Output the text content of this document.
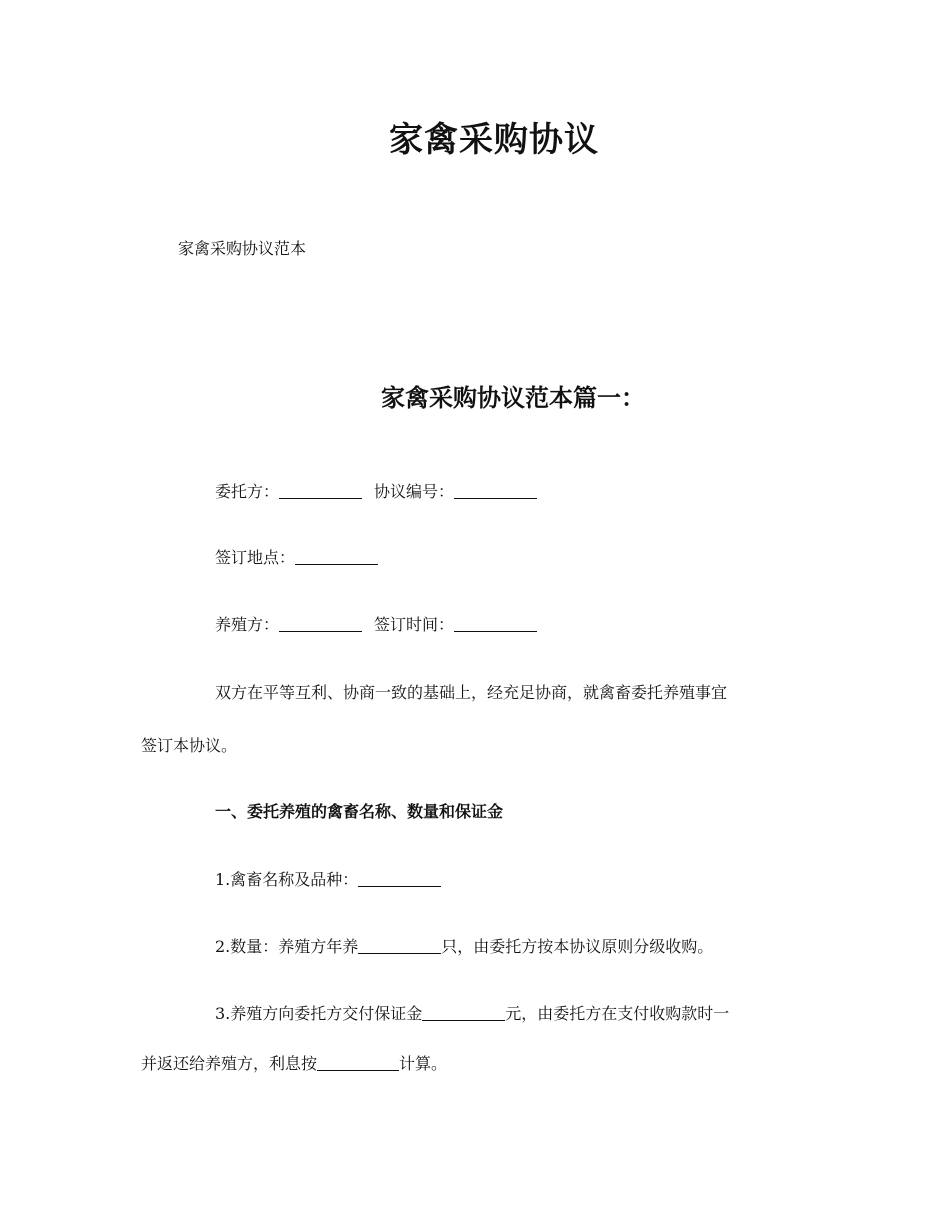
家禽采购协议

家禽采购协议范本

家禽采购协议范本篇一：

委托方：	协议编号：

签订地点：

养殖方：	签订时间：

双方在平等互利、协商一致的基础上，经充足协商，就禽畜委托养殖事宜

签订本协议。

一、委托养殖的禽畜名称、数量和保证金

1.禽畜名称及品种：

2.数量：养殖方年养	只，由委托方按本协议原则分级收购。

3.养殖方向委托方交付保证金	元，由委托方在支付收购款时一

并返还给养殖方，利息按	计算。
